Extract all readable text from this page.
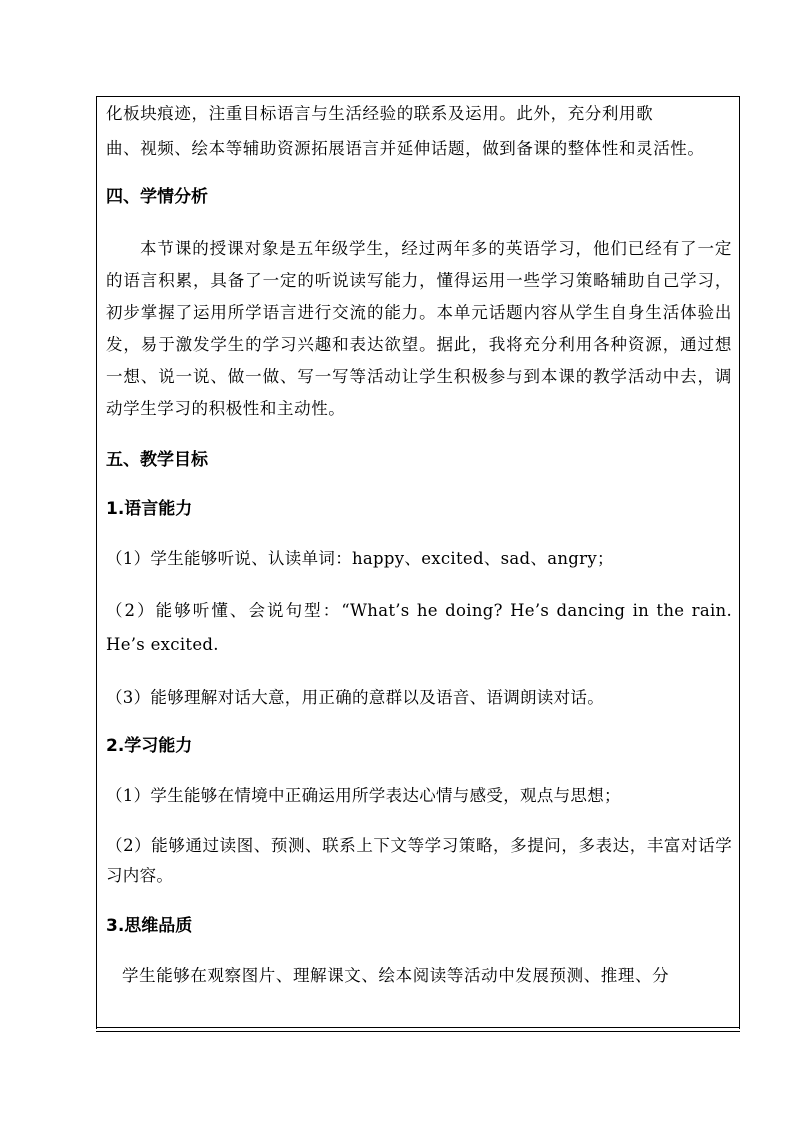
化板块痕迹，注重目标语言与生活经验的联系及运用。此外，充分利用歌

曲、视频、绘本等辅助资源拓展语言并延伸话题，做到备课的整体性和灵活性。

四、学情分析

本节课的授课对象是五年级学生，经过两年多的英语学习，他们已经有了一定的语言积累，具备了一定的听说读写能力，懂得运用一些学习策略辅助自己学习，初步掌握了运用所学语言进行交流的能力。本单元话题内容从学生自身生活体验出发，易于激发学生的学习兴趣和表达欲望。据此，我将充分利用各种资源，通过想一想、说一说、做一做、写一写等活动让学生积极参与到本课的教学活动中去，调动学生学习的积极性和主动性。

五、教学目标

1.语言能力

（1）学生能够听说、认读单词：happy、excited、sad、angry；

（2）能够听懂、会说句型：“What’s he doing? He’s dancing in the rain. He’s excited.

（3）能够理解对话大意，用正确的意群以及语音、语调朗读对话。

2.学习能力

（1）学生能够在情境中正确运用所学表达心情与感受，观点与思想；

（2）能够通过读图、预测、联系上下文等学习策略，多提问，多表达，丰富对话学习内容。

3.思维品质

学生能够在观察图片、理解课文、绘本阅读等活动中发展预测、推理、分
